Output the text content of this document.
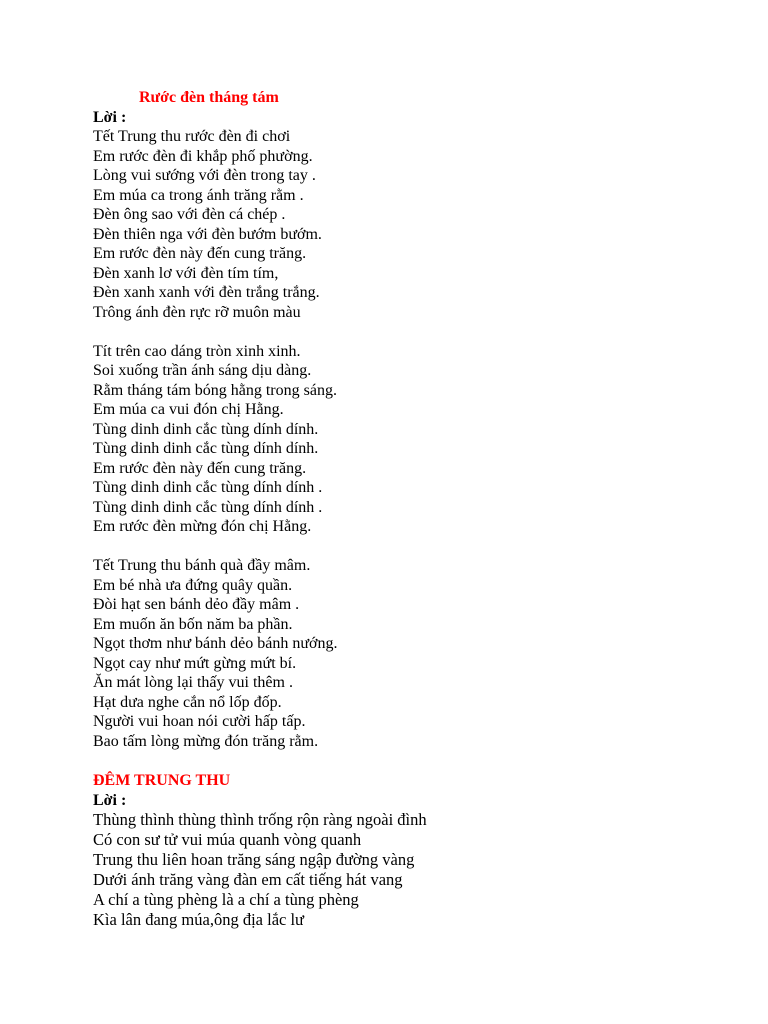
Rước đèn tháng tám
Lời :
Tết Trung thu rước đèn đi chơi
Em rước đèn đi khắp phố phường.
Lòng vui sướng với đèn trong tay .
Em múa ca trong ánh trăng rằm .
Đèn ông sao với đèn cá chép .
Đèn thiên nga với đèn bướm bướm.
Em rước đèn này đến cung trăng.
Đèn xanh lơ với đèn tím tím,
Đèn xanh xanh với đèn trắng trắng.
Trông ánh đèn rực rỡ muôn màu
Tít trên cao dáng tròn xinh xinh.
Soi xuống trần ánh sáng dịu dàng.
Rằm tháng tám bóng hằng trong sáng.
Em múa ca vui đón chị Hằng.
Tùng dinh dinh cắc tùng dính dính.
Tùng dinh dinh cắc tùng dính dính.
Em rước đèn này đến cung trăng.
Tùng dinh dinh cắc tùng dính dính .
Tùng dinh dinh cắc tùng dính dính .
Em rước đèn mừng đón chị Hằng.
Tết Trung thu bánh quà đầy mâm.
Em bé nhà ưa đứng quây quần.
Đòi hạt sen bánh dẻo đầy mâm .
Em muốn ăn bốn năm ba phần.
Ngọt thơm như bánh dẻo bánh nướng.
Ngọt cay như mứt gừng mứt bí.
Ăn mát lòng lại thấy vui thêm .
Hạt dưa nghe cắn nổ lốp đốp.
Người vui hoan nói cười hấp tấp.
Bao tấm lòng mừng đón trăng rằm.
ĐÊM TRUNG THU
Lời :
Thùng thình thùng thình trống rộn ràng ngoài đình
Có con sư tử vui múa quanh vòng quanh
Trung thu liên hoan trăng sáng ngập đường vàng
Dưới ánh trăng vàng đàn em cất tiếng hát vang
A chí a tùng phèng là a chí a tùng phèng
Kìa lân đang múa,ông địa lắc lư
